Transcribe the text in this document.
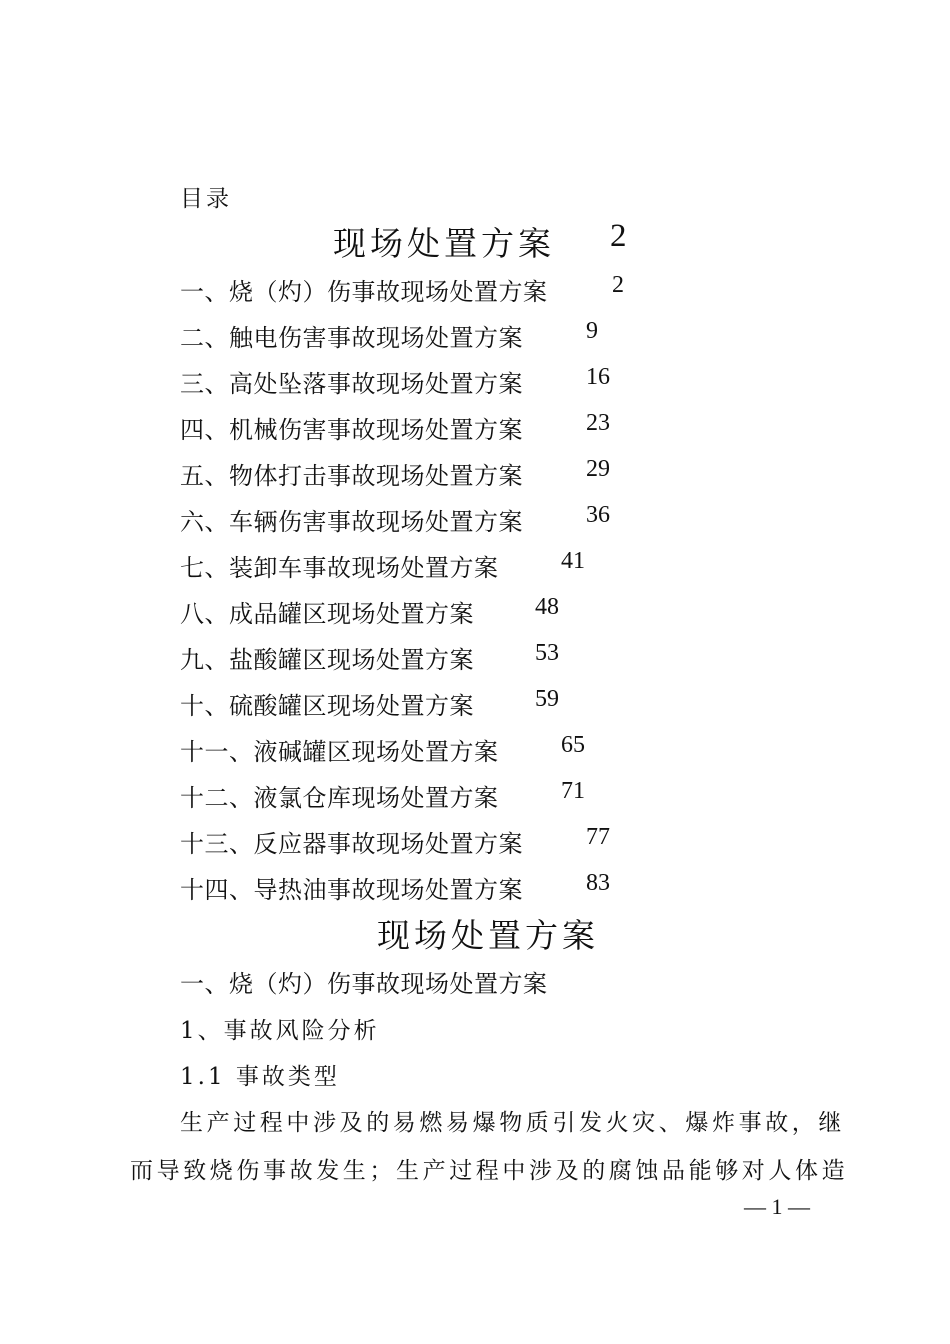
目录
现场处置方案 2
一、烧（灼）伤事故现场处置方案	2
二、触电伤害事故现场处置方案	9
三、高处坠落事故现场处置方案	16
四、机械伤害事故现场处置方案	23
五、物体打击事故现场处置方案	29
六、车辆伤害事故现场处置方案	36
七、装卸车事故现场处置方案	41
八、成品罐区现场处置方案	48
九、盐酸罐区现场处置方案	53
十、硫酸罐区现场处置方案	59
十一、液碱罐区现场处置方案	65
十二、液氯仓库现场处置方案	71
十三、反应器事故现场处置方案	77
十四、导热油事故现场处置方案	83
现场处置方案
一、烧（灼）伤事故现场处置方案
1、事故风险分析
1.1 事故类型
生产过程中涉及的易燃易爆物质引发火灾、爆炸事故，继
而导致烧伤事故发生；生产过程中涉及的腐蚀品能够对人体造
— 1 —
